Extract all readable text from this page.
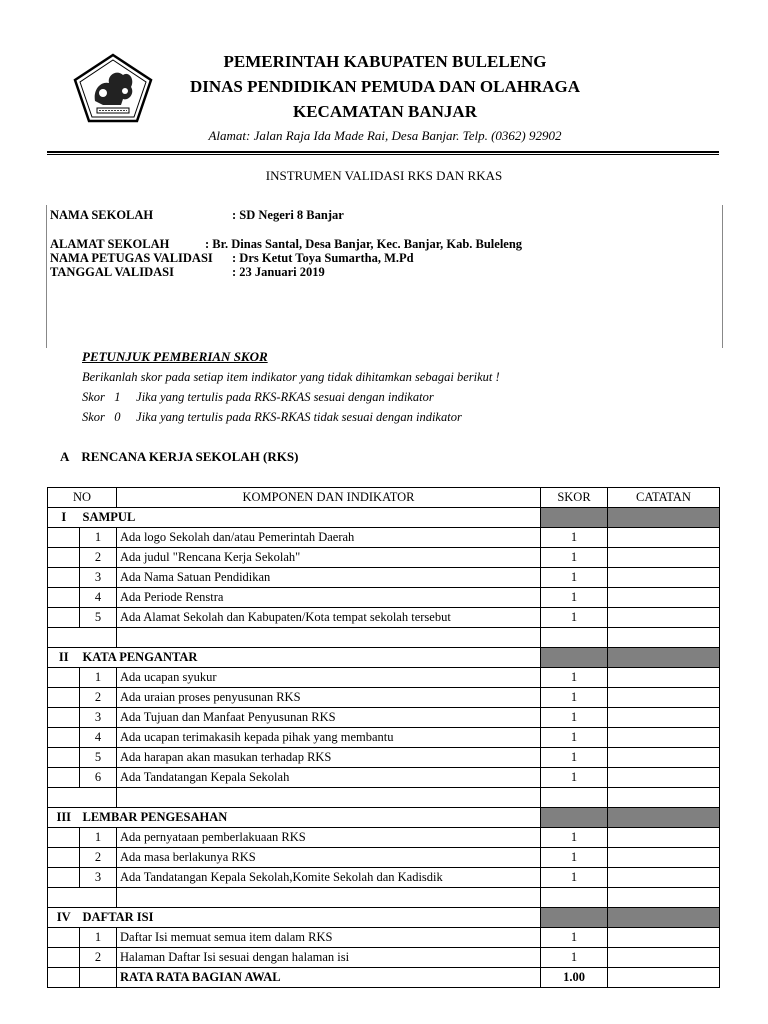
PEMERINTAH KABUPATEN BULELENG
DINAS PENDIDIKAN PEMUDA DAN OLAHRAGA
KECAMATAN BANJAR
Alamat: Jalan Raja Ida Made Rai, Desa Banjar. Telp. (0362) 92902
INSTRUMEN VALIDASI RKS DAN RKAS
NAMA SEKOLAH	: SD Negeri 8 Banjar
ALAMAT SEKOLAH	: Br. Dinas Santal, Desa Banjar, Kec. Banjar, Kab. Buleleng
NAMA PETUGAS VALIDASI : Drs Ketut Toya Sumartha, M.Pd
TANGGAL VALIDASI	: 23 Januari 2019
PETUNJUK PEMBERIAN SKOR
Berikanlah skor pada setiap item indikator yang tidak dihitamkan sebagai berikut !
Skor   1     Jika yang tertulis pada RKS-RKAS sesuai dengan indikator
Skor   0     Jika yang tertulis pada RKS-RKAS tidak sesuai dengan indikator
A RENCANA KERJA SEKOLAH (RKS)
NO		KOMPONEN DAN INDIKATOR	SKOR	CATATAN
I	SAMPUL			
	1	Ada logo Sekolah dan/atau Pemerintah Daerah	1	
	2	Ada judul "Rencana Kerja Sekolah"	1	
	3	Ada Nama Satuan Pendidikan	1	
	4	Ada Periode Renstra	1	
	5	Ada Alamat Sekolah dan Kabupaten/Kota tempat sekolah tersebut	1	

II	KATA PENGANTAR			
	1	Ada ucapan syukur	1	
	2	Ada uraian proses penyusunan RKS	1	
	3	Ada Tujuan dan Manfaat Penyusunan RKS	1	
	4	Ada ucapan terimakasih kepada pihak yang membantu	1	
	5	Ada harapan akan masukan terhadap RKS	1	
	6	Ada Tandatangan Kepala Sekolah	1	

III	LEMBAR PENGESAHAN			
	1	Ada pernyataan pemberlakuaan RKS	1	
	2	Ada masa berlakunya RKS	1	
	3	Ada Tandatangan Kepala Sekolah,Komite Sekolah dan Kadisdik	1	

IV	DAFTAR ISI			
	1	Daftar Isi memuat semua item dalam RKS	1	
	2	Halaman Daftar Isi sesuai dengan halaman isi	1	
		RATA RATA BAGIAN AWAL	1.00	
